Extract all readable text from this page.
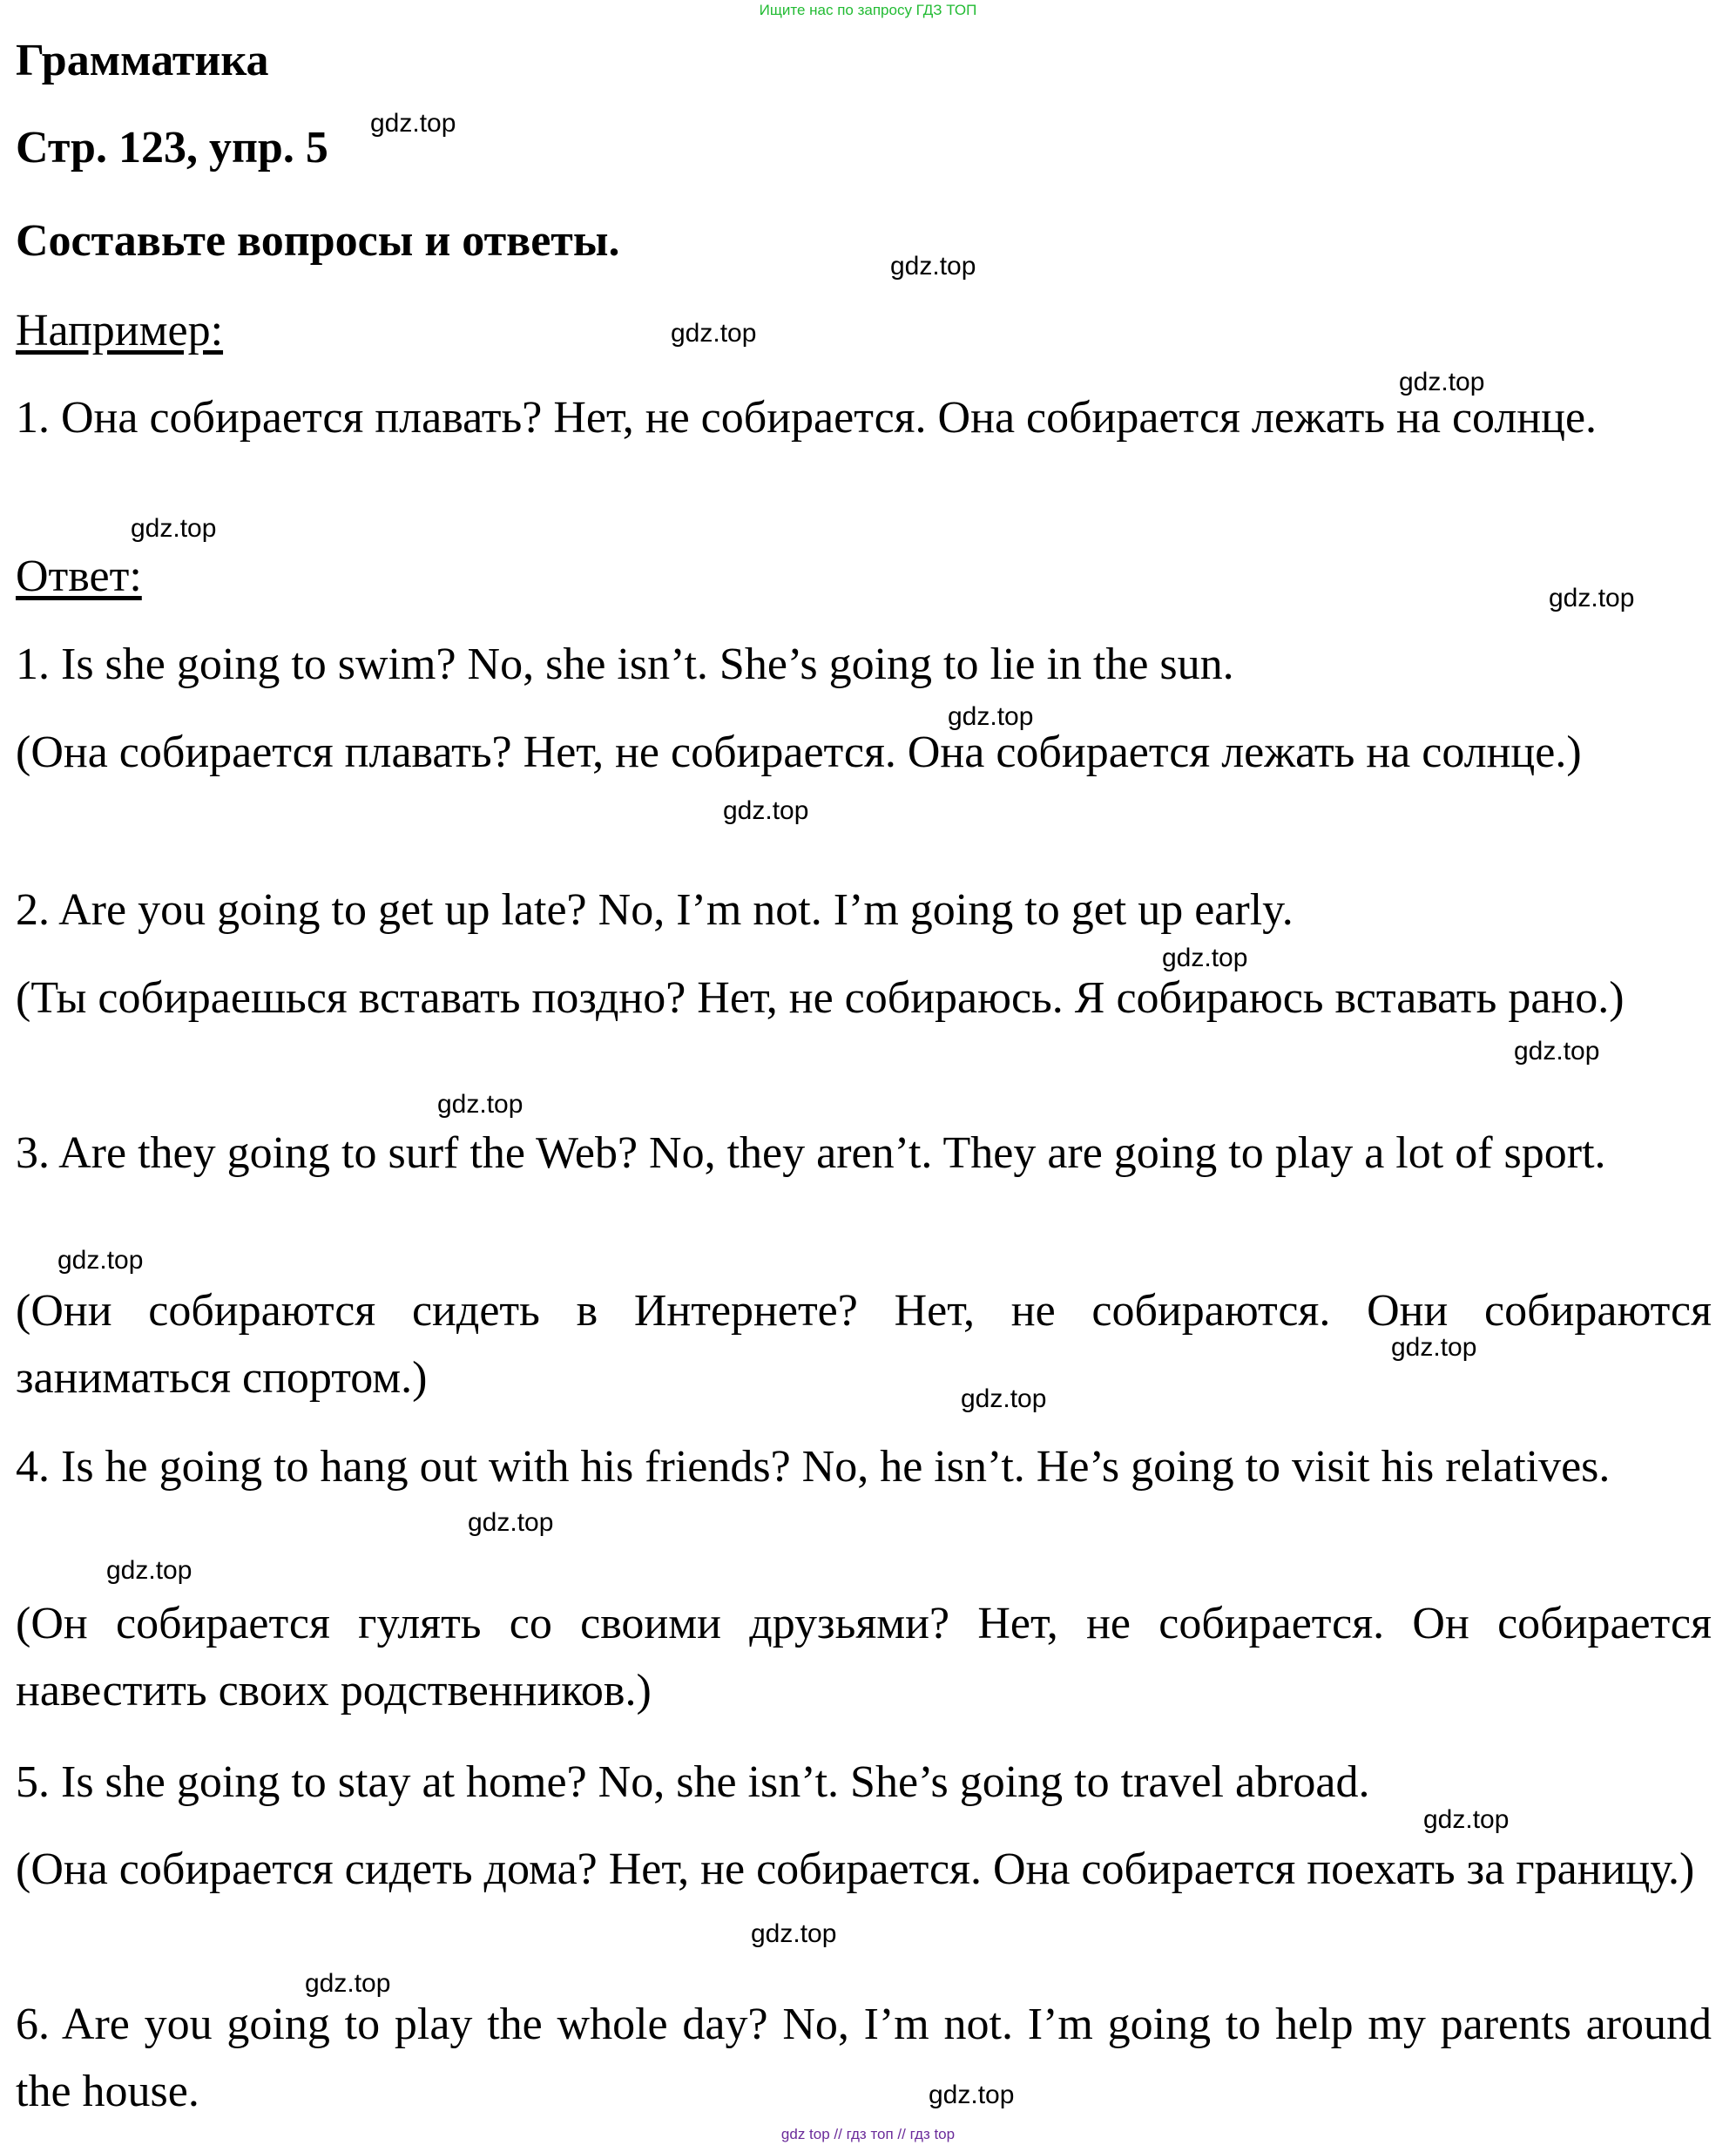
Ищите нас по запросу ГДЗ ТОП
Грамматика
Стр. 123, упр. 5
Составьте вопросы и ответы.
Например:
1. Она собирается плавать? Нет, не собирается. Она собирается лежать на солнце.
Ответ:
1. Is she going to swim? No, she isn’t. She’s going to lie in the sun.
(Она собирается плавать? Нет, не собирается. Она собирается лежать на солнце.)
2. Are you going to get up late? No, I’m not. I’m going to get up early.
(Ты собираешься вставать поздно? Нет, не собираюсь. Я собираюсь вставать рано.)
3. Are they going to surf the Web? No, they aren’t. They are going to play a lot of sport.
(Они собираются сидеть в Интернете? Нет, не собираются. Они собираются заниматься спортом.)
4. Is he going to hang out with his friends? No, he isn’t. He’s going to visit his relatives.
(Он собирается гулять со своими друзьями? Нет, не собирается. Он собирается навестить своих родственников.)
5. Is she going to stay at home? No, she isn’t. She’s going to travel abroad.
(Она собирается сидеть дома? Нет, не собирается. Она собирается поехать за границу.)
6. Are you going to play the whole day? No, I’m not. I’m going to help my parents around the house.
gdz.top
gdz.top
gdz.top
gdz.top
gdz.top
gdz.top
gdz.top
gdz.top
gdz.top
gdz.top
gdz.top
gdz.top
gdz.top
gdz.top
gdz.top
gdz.top
gdz.top
gdz.top
gdz.top
gdz.top
gdz top // гдз топ // гдз top
